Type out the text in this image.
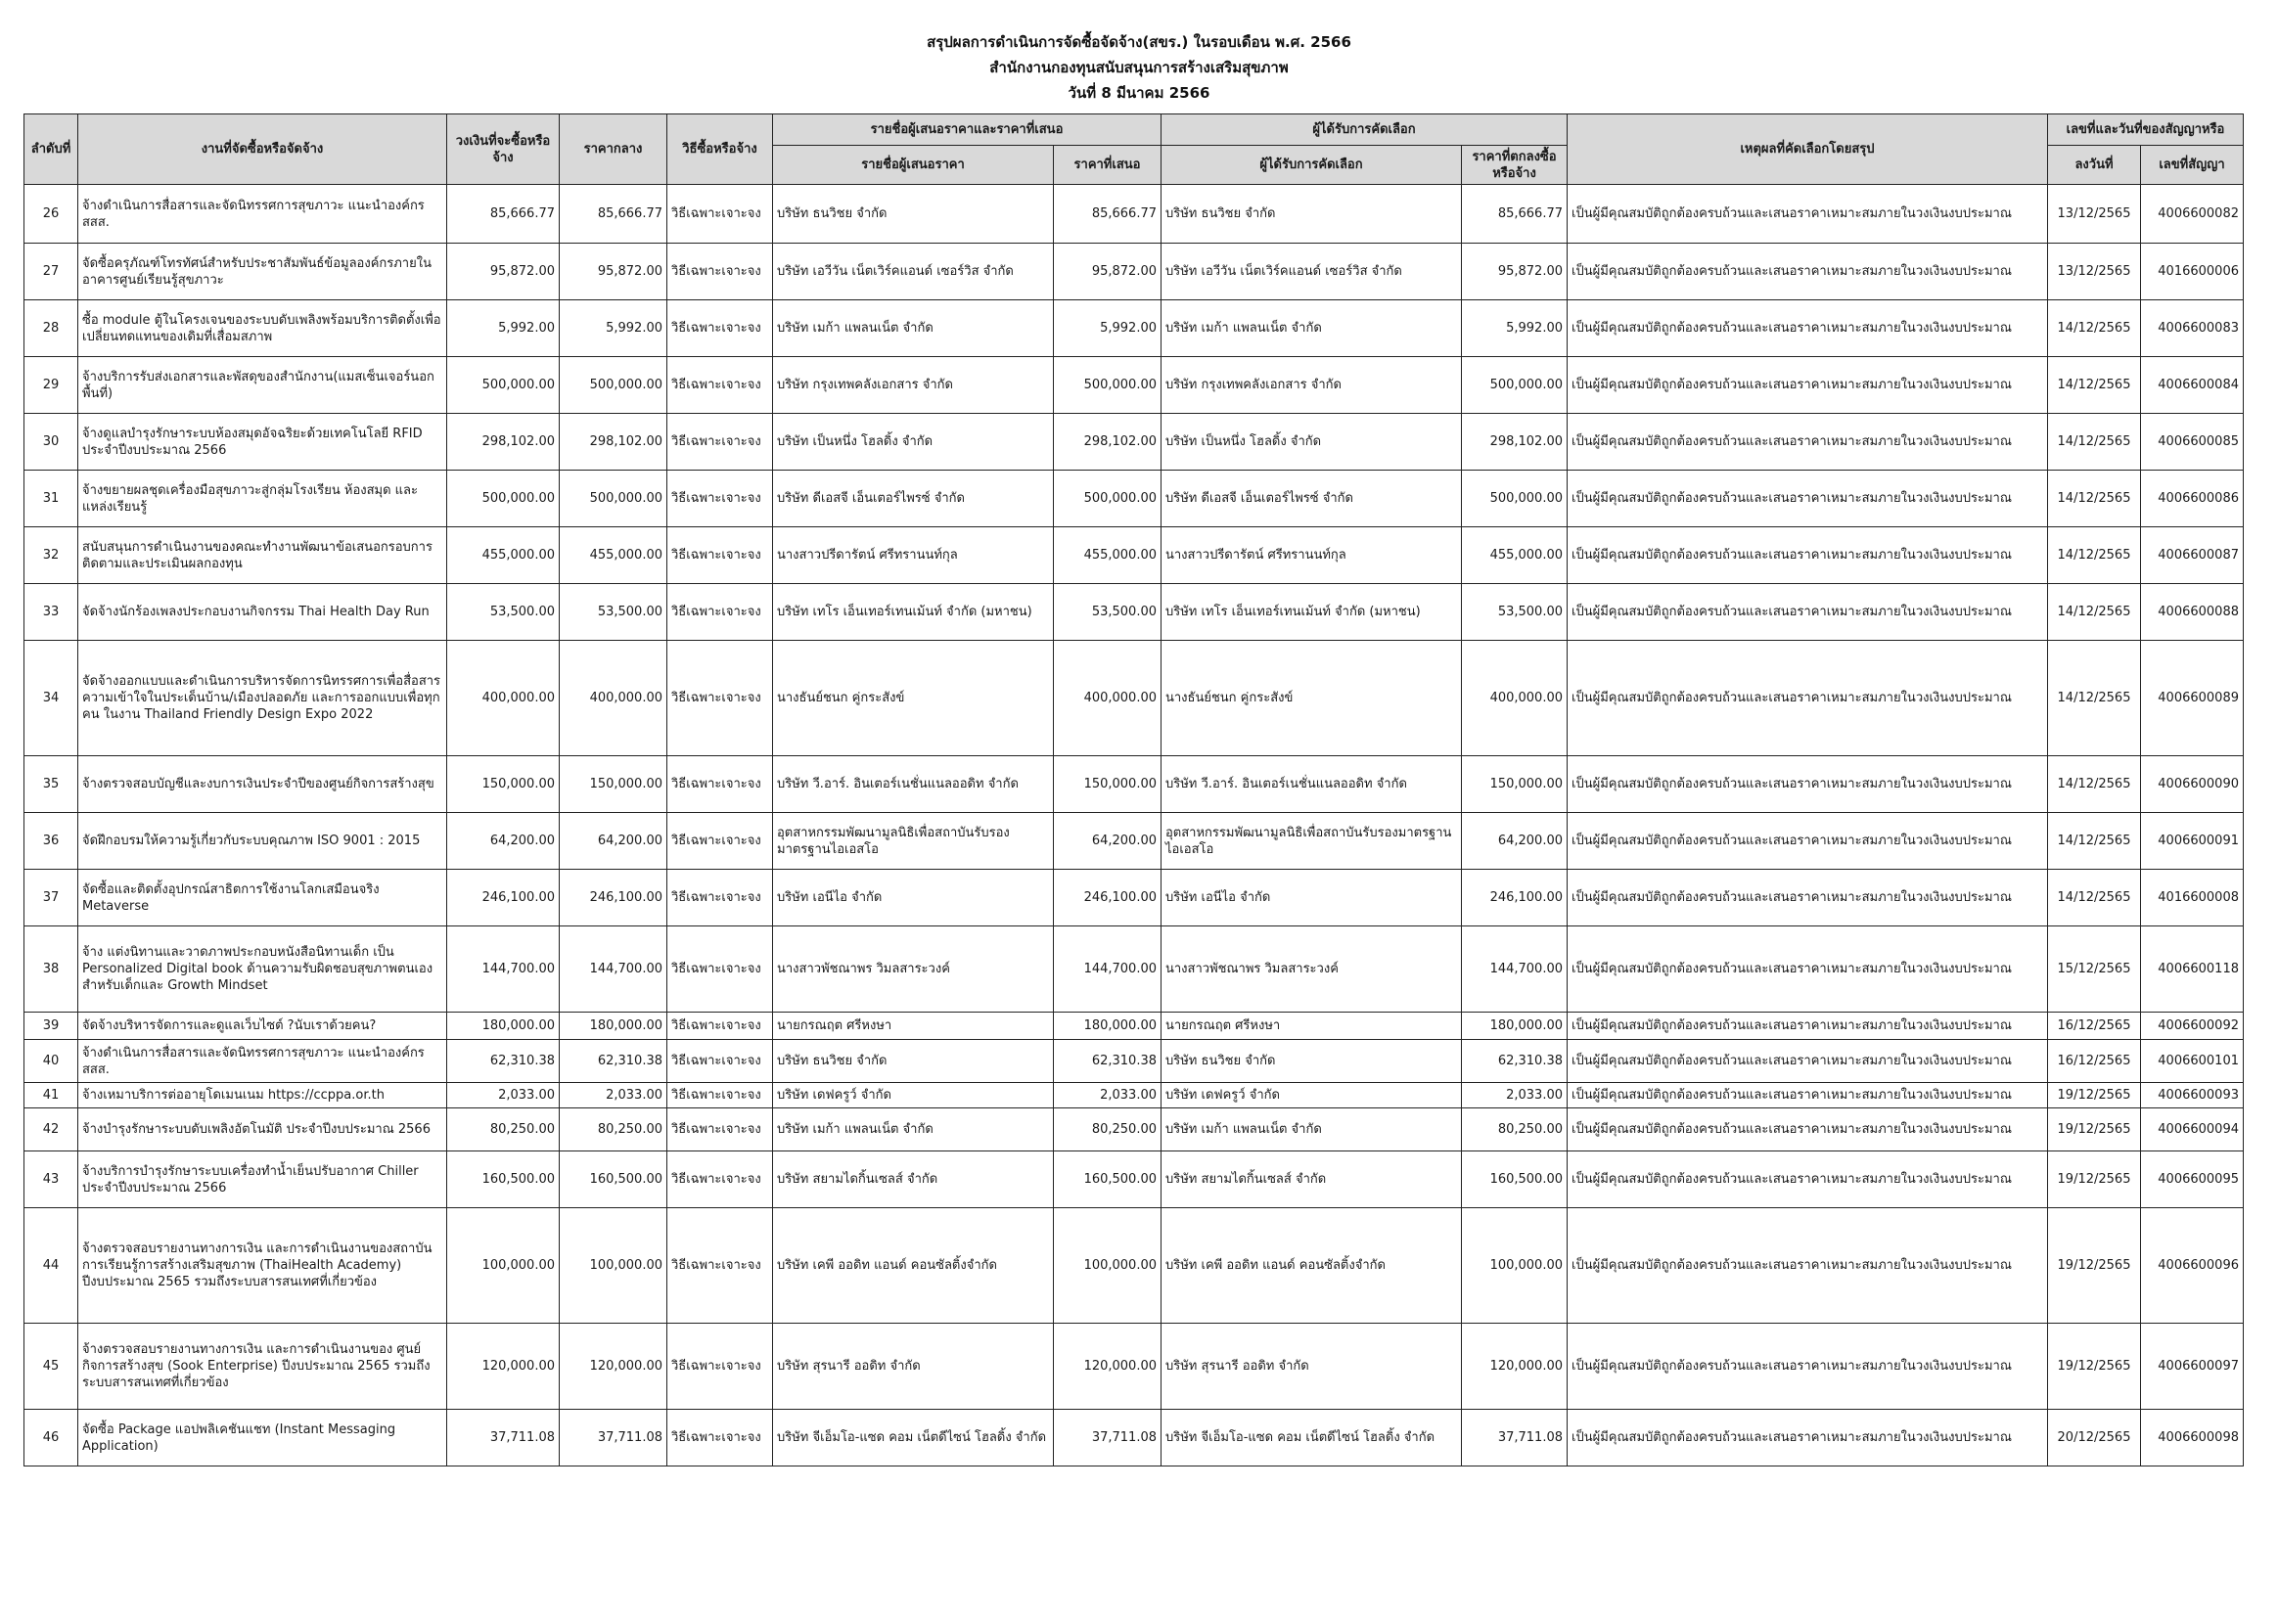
สรุปผลการดำเนินการจัดซื้อจัดจ้าง(สขร.) ในรอบเดือน พ.ศ. 2566
สำนักงานกองทุนสนับสนุนการสร้างเสริมสุขภาพ
วันที่ 8 มีนาคม 2566
ลำดับที่	งานที่จัดซื้อหรือจัดจ้าง	วงเงินที่จะซื้อหรือจ้าง	ราคากลาง	วิธีซื้อหรือจ้าง	รายชื่อผู้เสนอราคาและราคาที่เสนอ		ผู้ได้รับการคัดเลือก		เหตุผลที่คัดเลือกโดยสรุป	เลขที่และวันที่ของสัญญาหรือ	
					รายชื่อผู้เสนอราคา	ราคาที่เสนอ	ผู้ได้รับการคัดเลือก	ราคาที่ตกลงซื้อหรือจ้าง		ลงวันที่	เลขที่สัญญา
26	จ้างดำเนินการสื่อสารและจัดนิทรรศการสุขภาวะ แนะนำองค์กร สสส.	85,666.77	85,666.77	วิธีเฉพาะเจาะจง	บริษัท ธนวิชย จำกัด	85,666.77	บริษัท ธนวิชย จำกัด	85,666.77	เป็นผู้มีคุณสมบัติถูกต้องครบถ้วนและเสนอราคาเหมาะสมภายในวงเงินงบประมาณ	13/12/2565	4006600082
27	จัดซื้อครุภัณฑ์โทรทัศน์สำหรับประชาสัมพันธ์ข้อมูลองค์กรภายในอาคารศูนย์เรียนรู้สุขภาวะ	95,872.00	95,872.00	วิธีเฉพาะเจาะจง	บริษัท เอวีวัน เน็ตเวิร์คแอนด์ เซอร์วิส จำกัด	95,872.00	บริษัท เอวีวัน เน็ตเวิร์คแอนด์ เซอร์วิส จำกัด	95,872.00	เป็นผู้มีคุณสมบัติถูกต้องครบถ้วนและเสนอราคาเหมาะสมภายในวงเงินงบประมาณ	13/12/2565	4016600006
28	ซื้อ module ตู้ในโครงเจนของระบบดับเพลิงพร้อมบริการติดตั้งเพื่อเปลี่ยนทดแทนของเดิมที่เสื่อมสภาพ	5,992.00	5,992.00	วิธีเฉพาะเจาะจง	บริษัท เมก้า แพลนเน็ต จำกัด	5,992.00	บริษัท เมก้า แพลนเน็ต จำกัด	5,992.00	เป็นผู้มีคุณสมบัติถูกต้องครบถ้วนและเสนอราคาเหมาะสมภายในวงเงินงบประมาณ	14/12/2565	4006600083
29	จ้างบริการรับส่งเอกสารและพัสดุของสำนักงาน(แมสเซ็นเจอร์นอกพื้นที่)	500,000.00	500,000.00	วิธีเฉพาะเจาะจง	บริษัท กรุงเทพคลังเอกสาร จำกัด	500,000.00	บริษัท กรุงเทพคลังเอกสาร จำกัด	500,000.00	เป็นผู้มีคุณสมบัติถูกต้องครบถ้วนและเสนอราคาเหมาะสมภายในวงเงินงบประมาณ	14/12/2565	4006600084
30	จ้างดูแลบำรุงรักษาระบบห้องสมุดอัจฉริยะด้วยเทคโนโลยี RFID ประจำปีงบประมาณ 2566	298,102.00	298,102.00	วิธีเฉพาะเจาะจง	บริษัท เป็นหนึ่ง โฮลดิ้ง จำกัด	298,102.00	บริษัท เป็นหนึ่ง โฮลดิ้ง จำกัด	298,102.00	เป็นผู้มีคุณสมบัติถูกต้องครบถ้วนและเสนอราคาเหมาะสมภายในวงเงินงบประมาณ	14/12/2565	4006600085
31	จ้างขยายผลชุดเครื่องมือสุขภาวะสู่กลุ่มโรงเรียน ห้องสมุด และแหล่งเรียนรู้	500,000.00	500,000.00	วิธีเฉพาะเจาะจง	บริษัท ดีเอสจี เอ็นเตอร์ไพรซ์ จำกัด	500,000.00	บริษัท ดีเอสจี เอ็นเตอร์ไพรซ์ จำกัด	500,000.00	เป็นผู้มีคุณสมบัติถูกต้องครบถ้วนและเสนอราคาเหมาะสมภายในวงเงินงบประมาณ	14/12/2565	4006600086
32	สนับสนุนการดำเนินงานของคณะทำงานพัฒนาข้อเสนอกรอบการติดตามและประเมินผลกองทุน	455,000.00	455,000.00	วิธีเฉพาะเจาะจง	นางสาวปรีดารัตน์ ศรีทรานนท์กุล	455,000.00	นางสาวปรีดารัตน์ ศรีทรานนท์กุล	455,000.00	เป็นผู้มีคุณสมบัติถูกต้องครบถ้วนและเสนอราคาเหมาะสมภายในวงเงินงบประมาณ	14/12/2565	4006600087
33	จัดจ้างนักร้องเพลงประกอบงานกิจกรรม Thai Health Day Run	53,500.00	53,500.00	วิธีเฉพาะเจาะจง	บริษัท เทโร เอ็นเทอร์เทนเม้นท์ จำกัด (มหาชน)	53,500.00	บริษัท เทโร เอ็นเทอร์เทนเม้นท์ จำกัด (มหาชน)	53,500.00	เป็นผู้มีคุณสมบัติถูกต้องครบถ้วนและเสนอราคาเหมาะสมภายในวงเงินงบประมาณ	14/12/2565	4006600088
34	จัดจ้างออกแบบและดำเนินการบริหารจัดการนิทรรศการเพื่อสื่อสารความเข้าใจในประเด็นบ้าน/เมืองปลอดภัย และการออกแบบเพื่อทุกคน ในงาน Thailand Friendly Design Expo 2022	400,000.00	400,000.00	วิธีเฉพาะเจาะจง	นางธันย์ชนก คู่กระสังข์	400,000.00	นางธันย์ชนก คู่กระสังข์	400,000.00	เป็นผู้มีคุณสมบัติถูกต้องครบถ้วนและเสนอราคาเหมาะสมภายในวงเงินงบประมาณ	14/12/2565	4006600089
35	จ้างตรวจสอบบัญชีและงบการเงินประจำปีของศูนย์กิจการสร้างสุข	150,000.00	150,000.00	วิธีเฉพาะเจาะจง	บริษัท วี.อาร์. อินเตอร์เนชั่นแนลออดิท จำกัด	150,000.00	บริษัท วี.อาร์. อินเตอร์เนชั่นแนลออดิท จำกัด	150,000.00	เป็นผู้มีคุณสมบัติถูกต้องครบถ้วนและเสนอราคาเหมาะสมภายในวงเงินงบประมาณ	14/12/2565	4006600090
36	จัดฝึกอบรมให้ความรู้เกี่ยวกับระบบคุณภาพ ISO 9001 : 2015	64,200.00	64,200.00	วิธีเฉพาะเจาะจง	อุตสาหกรรมพัฒนามูลนิธิเพื่อสถาบันรับรองมาตรฐานไอเอสโอ	64,200.00	อุตสาหกรรมพัฒนามูลนิธิเพื่อสถาบันรับรองมาตรฐานไอเอสโอ	64,200.00	เป็นผู้มีคุณสมบัติถูกต้องครบถ้วนและเสนอราคาเหมาะสมภายในวงเงินงบประมาณ	14/12/2565	4006600091
37	จัดซื้อและติดตั้งอุปกรณ์สาธิตการใช้งานโลกเสมือนจริง Metaverse	246,100.00	246,100.00	วิธีเฉพาะเจาะจง	บริษัท เอนีไอ จำกัด	246,100.00	บริษัท เอนีไอ จำกัด	246,100.00	เป็นผู้มีคุณสมบัติถูกต้องครบถ้วนและเสนอราคาเหมาะสมภายในวงเงินงบประมาณ	14/12/2565	4016600008
38	จ้าง แต่งนิทานและวาดภาพประกอบหนังสือนิทานเด็ก เป็น Personalized Digital book ด้านความรับผิดชอบสุขภาพตนเองสำหรับเด็กและ Growth Mindset	144,700.00	144,700.00	วิธีเฉพาะเจาะจง	นางสาวพัชณาพร วิมลสาระวงค์	144,700.00	นางสาวพัชณาพร วิมลสาระวงค์	144,700.00	เป็นผู้มีคุณสมบัติถูกต้องครบถ้วนและเสนอราคาเหมาะสมภายในวงเงินงบประมาณ	15/12/2565	4006600118
39	จัดจ้างบริหารจัดการและดูแลเว็บไซต์ ?นับเราด้วยคน?	180,000.00	180,000.00	วิธีเฉพาะเจาะจง	นายกรณฤต ศรีหงษา	180,000.00	นายกรณฤต ศรีหงษา	180,000.00	เป็นผู้มีคุณสมบัติถูกต้องครบถ้วนและเสนอราคาเหมาะสมภายในวงเงินงบประมาณ	16/12/2565	4006600092
40	จ้างดำเนินการสื่อสารและจัดนิทรรศการสุขภาวะ แนะนำองค์กร สสส.	62,310.38	62,310.38	วิธีเฉพาะเจาะจง	บริษัท ธนวิชย จำกัด	62,310.38	บริษัท ธนวิชย จำกัด	62,310.38	เป็นผู้มีคุณสมบัติถูกต้องครบถ้วนและเสนอราคาเหมาะสมภายในวงเงินงบประมาณ	16/12/2565	4006600101
41	จ้างเหมาบริการต่ออายุโดเมนเนม https://ccppa.or.th	2,033.00	2,033.00	วิธีเฉพาะเจาะจง	บริษัท เดฟครูว์ จำกัด	2,033.00	บริษัท เดฟครูว์ จำกัด	2,033.00	เป็นผู้มีคุณสมบัติถูกต้องครบถ้วนและเสนอราคาเหมาะสมภายในวงเงินงบประมาณ	19/12/2565	4006600093
42	จ้างบำรุงรักษาระบบดับเพลิงอัตโนมัติ ประจำปีงบประมาณ 2566	80,250.00	80,250.00	วิธีเฉพาะเจาะจง	บริษัท เมก้า แพลนเน็ต จำกัด	80,250.00	บริษัท เมก้า แพลนเน็ต จำกัด	80,250.00	เป็นผู้มีคุณสมบัติถูกต้องครบถ้วนและเสนอราคาเหมาะสมภายในวงเงินงบประมาณ	19/12/2565	4006600094
43	จ้างบริการบำรุงรักษาระบบเครื่องทำน้ำเย็นปรับอากาศ Chiller ประจำปีงบประมาณ 2566	160,500.00	160,500.00	วิธีเฉพาะเจาะจง	บริษัท สยามไดกิ้นเซลส์ จำกัด	160,500.00	บริษัท สยามไดกิ้นเซลส์ จำกัด	160,500.00	เป็นผู้มีคุณสมบัติถูกต้องครบถ้วนและเสนอราคาเหมาะสมภายในวงเงินงบประมาณ	19/12/2565	4006600095
44	จ้างตรวจสอบรายงานทางการเงิน และการดำเนินงานของสถาบันการเรียนรู้การสร้างเสริมสุขภาพ (ThaiHealth Academy) ปีงบประมาณ 2565 รวมถึงระบบสารสนเทศที่เกี่ยวข้อง	100,000.00	100,000.00	วิธีเฉพาะเจาะจง	บริษัท เคพี ออดิท แอนด์ คอนซัลติ้งจำกัด	100,000.00	บริษัท เคพี ออดิท แอนด์ คอนซัลติ้งจำกัด	100,000.00	เป็นผู้มีคุณสมบัติถูกต้องครบถ้วนและเสนอราคาเหมาะสมภายในวงเงินงบประมาณ	19/12/2565	4006600096
45	จ้างตรวจสอบรายงานทางการเงิน และการดำเนินงานของ ศูนย์กิจการสร้างสุข (Sook Enterprise) ปีงบประมาณ 2565 รวมถึงระบบสารสนเทศที่เกี่ยวข้อง	120,000.00	120,000.00	วิธีเฉพาะเจาะจง	บริษัท สุรนารี ออดิท จำกัด	120,000.00	บริษัท สุรนารี ออดิท จำกัด	120,000.00	เป็นผู้มีคุณสมบัติถูกต้องครบถ้วนและเสนอราคาเหมาะสมภายในวงเงินงบประมาณ	19/12/2565	4006600097
46	จัดซื้อ Package แอปพลิเคชันแชท (Instant Messaging Application)	37,711.08	37,711.08	วิธีเฉพาะเจาะจง	บริษัท จีเอ็มโอ-แซด คอม เน็ตดีไซน์ โฮลดิ้ง จำกัด	37,711.08	บริษัท จีเอ็มโอ-แซด คอม เน็ตดีไซน์ โฮลดิ้ง จำกัด	37,711.08	เป็นผู้มีคุณสมบัติถูกต้องครบถ้วนและเสนอราคาเหมาะสมภายในวงเงินงบประมาณ	20/12/2565	4006600098
